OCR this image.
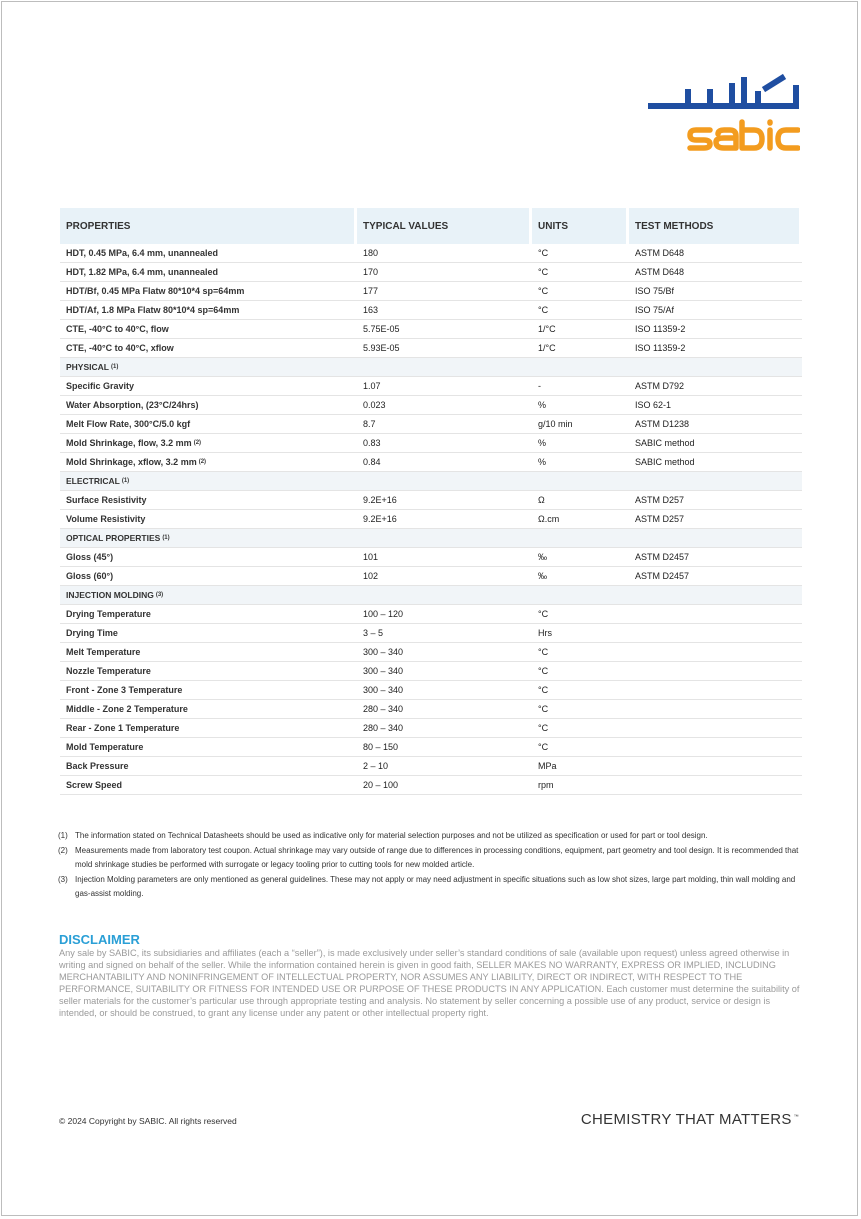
PROPERTIES	TYPICAL VALUES	UNITS	TEST METHODS
HDT, 0.45 MPa, 6.4 mm, unannealed	180	°C	ASTM D648
HDT, 1.82 MPa, 6.4 mm, unannealed	170	°C	ASTM D648
HDT/Bf, 0.45 MPa Flatw 80*10*4 sp=64mm	177	°C	ISO 75/Bf
HDT/Af, 1.8 MPa Flatw 80*10*4 sp=64mm	163	°C	ISO 75/Af
CTE, -40°C to 40°C, flow	5.75E-05	1/°C	ISO 11359-2
CTE, -40°C to 40°C, xflow	5.93E-05	1/°C	ISO 11359-2
PHYSICAL (1)
Specific Gravity	1.07	-	ASTM D792
Water Absorption, (23°C/24hrs)	0.023	%	ISO 62-1
Melt Flow Rate, 300°C/5.0 kgf	8.7	g/10 min	ASTM D1238
Mold Shrinkage, flow, 3.2 mm (2)	0.83	%	SABIC method
Mold Shrinkage, xflow, 3.2 mm (2)	0.84	%	SABIC method
ELECTRICAL (1)
Surface Resistivity	9.2E+16	Ω	ASTM D257
Volume Resistivity	9.2E+16	Ω.cm	ASTM D257
OPTICAL PROPERTIES (1)
Gloss (45°)	101	‰	ASTM D2457
Gloss (60°)	102	‰	ASTM D2457
INJECTION MOLDING (3)
Drying Temperature	100 – 120	°C
Drying Time	3 – 5	Hrs
Melt Temperature	300 – 340	°C
Nozzle Temperature	300 – 340	°C
Front - Zone 3 Temperature	300 – 340	°C
Middle - Zone 2 Temperature	280 – 340	°C
Rear - Zone 1 Temperature	280 – 340	°C
Mold Temperature	80 – 150	°C
Back Pressure	2 – 10	MPa
Screw Speed	20 – 100	rpm
(1) The information stated on Technical Datasheets should be used as indicative only for material selection purposes and not be utilized as specification or used for part or tool design.
(2) Measurements made from laboratory test coupon. Actual shrinkage may vary outside of range due to differences in processing conditions, equipment, part geometry and tool design. It is recommended that mold shrinkage studies be performed with surrogate or legacy tooling prior to cutting tools for new molded article.
(3) Injection Molding parameters are only mentioned as general guidelines. These may not apply or may need adjustment in specific situations such as low shot sizes, large part molding, thin wall molding and gas-assist molding.
DISCLAIMER
Any sale by SABIC, its subsidiaries and affiliates (each a “seller”), is made exclusively under seller’s standard conditions of sale (available upon request) unless agreed otherwise in writing and signed on behalf of the seller. While the information contained herein is given in good faith, SELLER MAKES NO WARRANTY, EXPRESS OR IMPLIED, INCLUDING MERCHANTABILITY AND NONINFRINGEMENT OF INTELLECTUAL PROPERTY, NOR ASSUMES ANY LIABILITY, DIRECT OR INDIRECT, WITH RESPECT TO THE PERFORMANCE, SUITABILITY OR FITNESS FOR INTENDED USE OR PURPOSE OF THESE PRODUCTS IN ANY APPLICATION. Each customer must determine the suitability of seller materials for the customer’s particular use through appropriate testing and analysis. No statement by seller concerning a possible use of any product, service or design is intended, or should be construed, to grant any license under any patent or other intellectual property right.
© 2024 Copyright by SABIC. All rights reserved	CHEMISTRY THAT MATTERS ™
